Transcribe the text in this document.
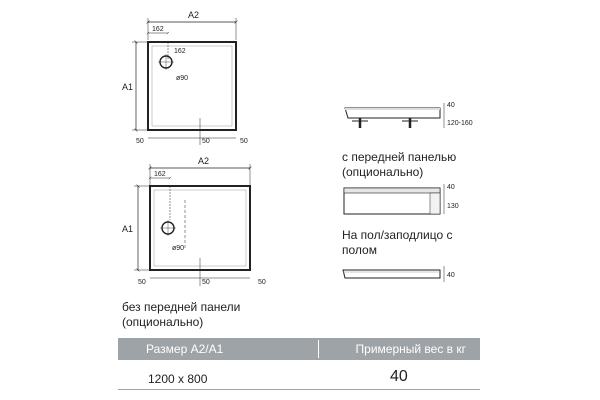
A2
162
A1
162
ø90
50	50	50
A2
162
A1
ø90
50	50	50
40
120-160
40
130
40
с передней панелью
(опционально)
На пол/заподлицо с
полом
без передней панели
(опционально)
Размер A2/A1	Примерный вес в кг
1200 x 800	40
